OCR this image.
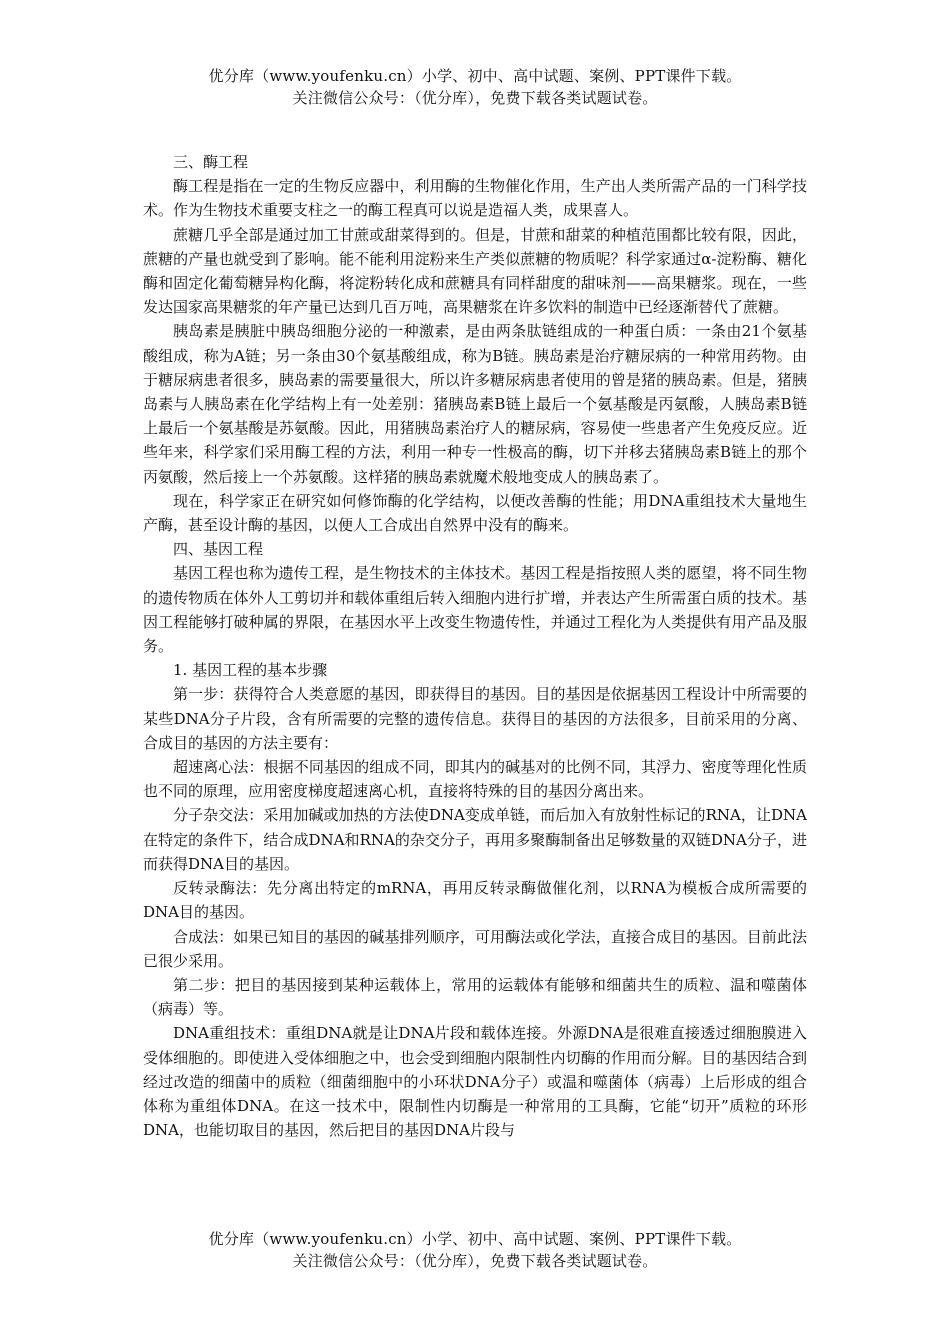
优分库（www.youfenku.cn）小学、初中、高中试题、案例、PPT课件下载。
关注微信公众号：（优分库），免费下载各类试题试卷。

三、酶工程

酶工程是指在一定的生物反应器中，利用酶的生物催化作用，生产出人类所需产品的一门科学技术。作为生物技术重要支柱之一的酶工程真可以说是造福人类，成果喜人。

蔗糖几乎全部是通过加工甘蔗或甜菜得到的。但是，甘蔗和甜菜的种植范围都比较有限，因此，蔗糖的产量也就受到了影响。能不能利用淀粉来生产类似蔗糖的物质呢？科学家通过α-淀粉酶、糖化酶和固定化葡萄糖异构化酶，将淀粉转化成和蔗糖具有同样甜度的甜味剂——高果糖浆。现在，一些发达国家高果糖浆的年产量已达到几百万吨，高果糖浆在许多饮料的制造中已经逐渐替代了蔗糖。

胰岛素是胰脏中胰岛细胞分泌的一种激素，是由两条肽链组成的一种蛋白质：一条由21个氨基酸组成，称为A链；另一条由30个氨基酸组成，称为B链。胰岛素是治疗糖尿病的一种常用药物。由于糖尿病患者很多，胰岛素的需要量很大，所以许多糖尿病患者使用的曾是猪的胰岛素。但是，猪胰岛素与人胰岛素在化学结构上有一处差别：猪胰岛素B链上最后一个氨基酸是丙氨酸，人胰岛素B链上最后一个氨基酸是苏氨酸。因此，用猪胰岛素治疗人的糖尿病，容易使一些患者产生免疫反应。近些年来，科学家们采用酶工程的方法，利用一种专一性极高的酶，切下并移去猪胰岛素B链上的那个丙氨酸，然后接上一个苏氨酸。这样猪的胰岛素就魔术般地变成人的胰岛素了。

现在，科学家正在研究如何修饰酶的化学结构，以便改善酶的性能；用DNA重组技术大量地生产酶，甚至设计酶的基因，以便人工合成出自然界中没有的酶来。

四、基因工程

基因工程也称为遗传工程，是生物技术的主体技术。基因工程是指按照人类的愿望，将不同生物的遗传物质在体外人工剪切并和载体重组后转入细胞内进行扩增，并表达产生所需蛋白质的技术。基因工程能够打破种属的界限，在基因水平上改变生物遗传性，并通过工程化为人类提供有用产品及服务。

1. 基因工程的基本步骤

第一步：获得符合人类意愿的基因，即获得目的基因。目的基因是依据基因工程设计中所需要的某些DNA分子片段，含有所需要的完整的遗传信息。获得目的基因的方法很多，目前采用的分离、合成目的基因的方法主要有：

超速离心法：根据不同基因的组成不同，即其内的碱基对的比例不同，其浮力、密度等理化性质也不同的原理，应用密度梯度超速离心机，直接将特殊的目的基因分离出来。

分子杂交法：采用加碱或加热的方法使DNA变成单链，而后加入有放射性标记的RNA，让DNA在特定的条件下，结合成DNA和RNA的杂交分子，再用多聚酶制备出足够数量的双链DNA分子，进而获得DNA目的基因。

反转录酶法：先分离出特定的mRNA，再用反转录酶做催化剂，以RNA为模板合成所需要的DNA目的基因。

合成法：如果已知目的基因的碱基排列顺序，可用酶法或化学法，直接合成目的基因。目前此法已很少采用。

第二步：把目的基因接到某种运载体上，常用的运载体有能够和细菌共生的质粒、温和噬菌体（病毒）等。

DNA重组技术：重组DNA就是让DNA片段和载体连接。外源DNA是很难直接透过细胞膜进入受体细胞的。即使进入受体细胞之中，也会受到细胞内限制性内切酶的作用而分解。目的基因结合到经过改造的细菌中的质粒（细菌细胞中的小环状DNA分子）或温和噬菌体（病毒）上后形成的组合体称为重组体DNA。在这一技术中，限制性内切酶是一种常用的工具酶，它能“切开”质粒的环形DNA，也能切取目的基因，然后把目的基因DNA片段与

优分库（www.youfenku.cn）小学、初中、高中试题、案例、PPT课件下载。
关注微信公众号：（优分库），免费下载各类试题试卷。
